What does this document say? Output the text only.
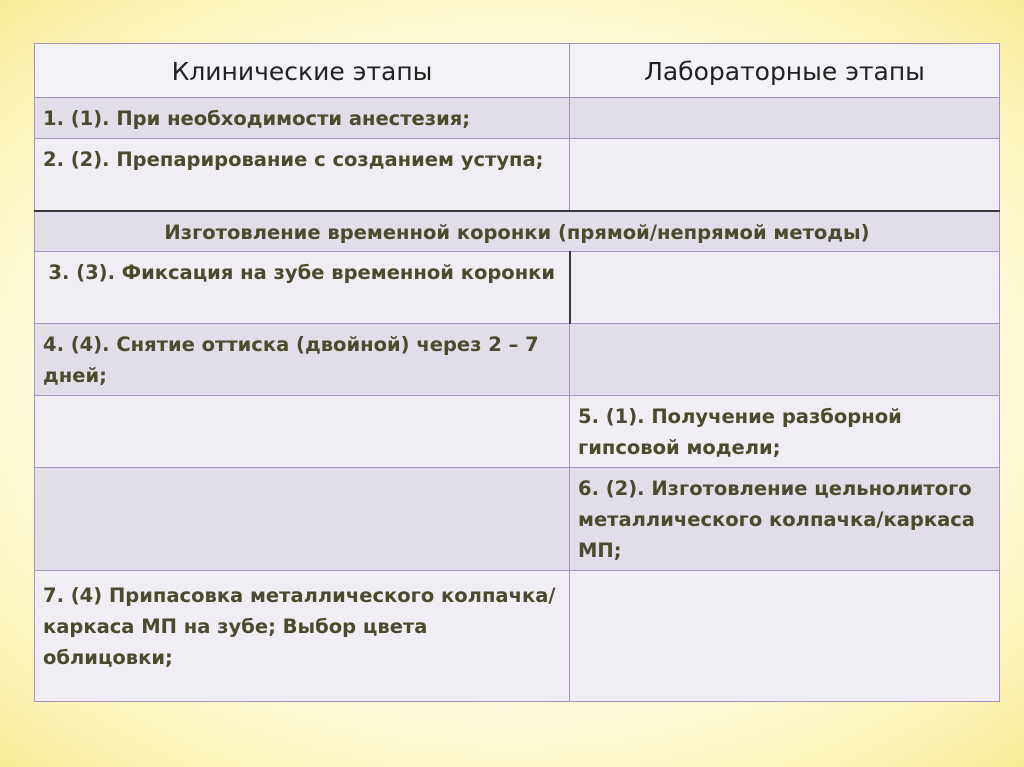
Клинические этапы	Лабораторные этапы
1. (1). При необходимости анестезия;	
2. (2). Препарирование с созданием уступа;	
Изготовление временной коронки (прямой/непрямой методы)	
3. (3). Фиксация на зубе временной коронки	
4. (4). Снятие оттиска (двойной) через 2 – 7 дней;	
	5. (1). Получение разборной гипсовой модели;
	6. (2). Изготовление цельнолитого металлического колпачка/каркаса МП;
7. (4) Припасовка металлического колпачка/каркаса МП на зубе; Выбор цвета облицовки;	
